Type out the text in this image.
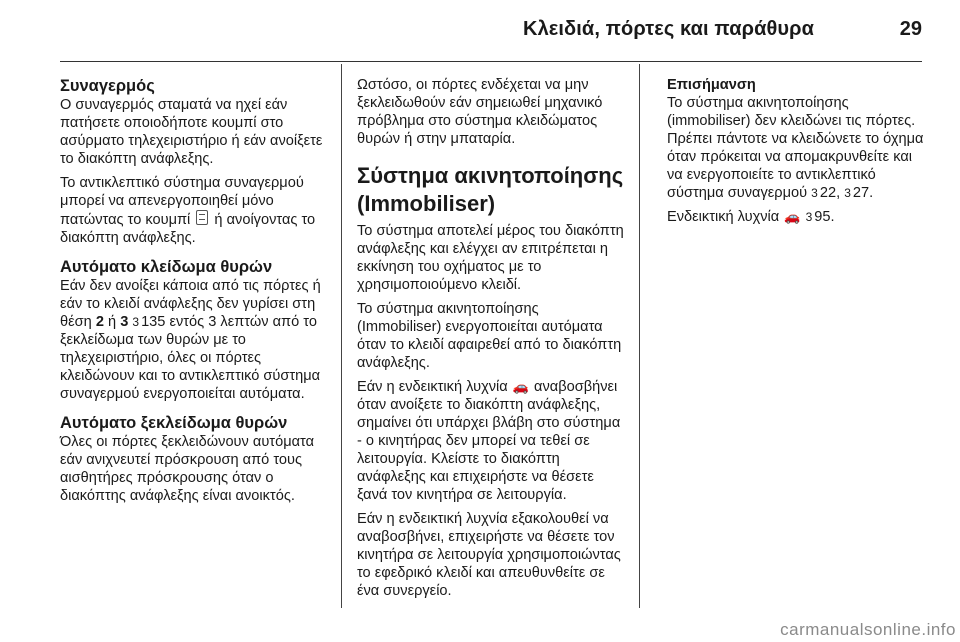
Κλειδιά, πόρτες και παράθυρα	29
Συναγερμός

Ο συναγερμός σταματά να ηχεί εάν πατήσετε οποιοδήποτε κουμπί στο ασύρματο τηλεχειριστήριο ή εάν ανοίξετε το διακόπτη ανάφλεξης.

Το αντικλεπτικό σύστημα συναγερμού μπορεί να απενεργοποιηθεί μόνο πατώντας το κουμπί ή ανοίγοντας το διακόπτη ανάφλεξης.

Αυτόματο κλείδωμα θυρών

Εάν δεν ανοίξει κάποια από τις πόρτες ή εάν το κλειδί ανάφλεξης δεν γυρίσει στη θέση 2 ή 3 3 135 εντός 3 λεπτών από το ξεκλείδωμα των θυρών με το τηλεχειριστήριο, όλες οι πόρτες κλειδώνουν και το αντικλεπτικό σύστημα συναγερμού ενεργοποιείται αυτόματα.

Αυτόματο ξεκλείδωμα θυρών

Όλες οι πόρτες ξεκλειδώνουν αυτόματα εάν ανιχνευτεί πρόσκρουση από τους αισθητήρες πρόσκρουσης όταν ο διακόπτης ανάφλεξης είναι ανοικτός.

Ωστόσο, οι πόρτες ενδέχεται να μην ξεκλειδωθούν εάν σημειωθεί μηχανικό πρόβλημα στο σύστημα κλειδώματος θυρών ή στην μπαταρία.

Σύστημα ακινητοποίησης (Immobiliser)

Το σύστημα αποτελεί μέρος του διακόπτη ανάφλεξης και ελέγχει αν επιτρέπεται η εκκίνηση του οχήματος με το χρησιμοποιούμενο κλειδί.

Το σύστημα ακινητοποίησης (Immobiliser) ενεργοποιείται αυτόματα όταν το κλειδί αφαιρεθεί από το διακόπτη ανάφλεξης.

Εάν η ενδεικτική λυχνία 🚗 αναβοσβήνει όταν ανοίξετε το διακόπτη ανάφλεξης, σημαίνει ότι υπάρχει βλάβη στο σύστημα - ο κινητήρας δεν μπορεί να τεθεί σε λειτουργία. Κλείστε το διακόπτη ανάφλεξης και επιχειρήστε να θέσετε ξανά τον κινητήρα σε λειτουργία.

Εάν η ενδεικτική λυχνία εξακολουθεί να αναβοσβήνει, επιχειρήστε να θέσετε τον κινητήρα σε λειτουργία χρησιμοποιώντας το εφεδρικό κλειδί και απευθυνθείτε σε ένα συνεργείο.

Επισήμανση

Το σύστημα ακινητοποίησης (immobiliser) δεν κλειδώνει τις πόρτες. Πρέπει πάντοτε να κλειδώνετε το όχημα όταν πρόκειται να απομακρυνθείτε και να ενεργοποιείτε το αντικλεπτικό σύστημα συναγερμού 3 22, 3 27.

Ενδεικτική λυχνία 🚗 3 95.

carmanualsonline.info
